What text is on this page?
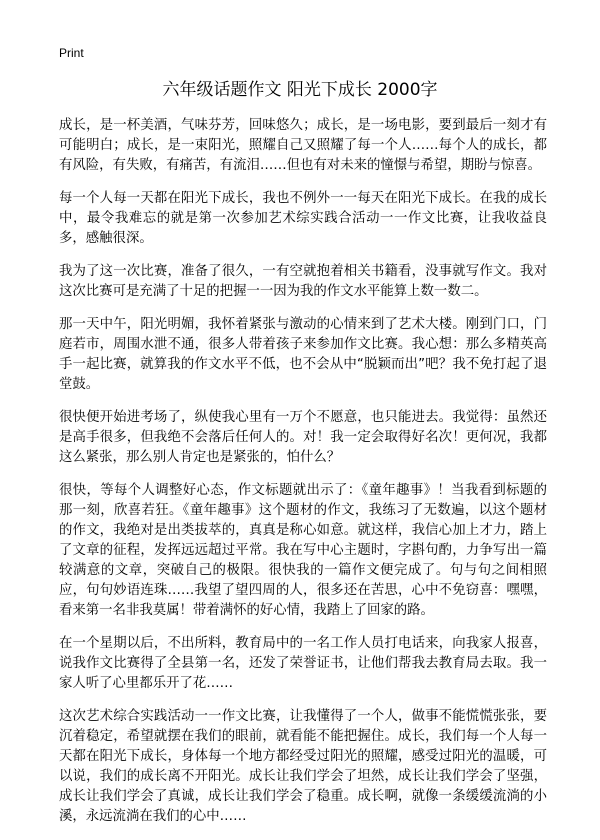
Print
六年级话题作文 阳光下成长 2000字

成长，是一杯美酒，气味芬芳，回味悠久；成长，是一场电影，要到最后一刻才有可能明白；成长，是一束阳光，照耀自己又照耀了每一个人……每个人的成长，都有风险，有失败，有痛苦，有流泪……但也有对未来的憧憬与希望，期盼与惊喜。

每一个人每一天都在阳光下成长，我也不例外一一每天在阳光下成长。在我的成长中，最令我难忘的就是第一次参加艺术综实践合活动一一作文比赛，让我收益良多，感触很深。

我为了这一次比赛，准备了很久，一有空就抱着相关书籍看，没事就写作文。我对这次比赛可是充满了十足的把握一一因为我的作文水平能算上数一数二。

那一天中午，阳光明媚，我怀着紧张与激动的心情来到了艺术大楼。刚到门口，门庭若市，周围水泄不通，很多人带着孩子来参加作文比赛。我心想：那么多精英高手一起比赛，就算我的作文水平不低，也不会从中“脱颖而出”吧？我不免打起了退堂鼓。

很快便开始进考场了，纵使我心里有一万个不愿意，也只能进去。我觉得：虽然还是高手很多，但我绝不会落后任何人的。对！我一定会取得好名次！更何况，我都这么紧张，那么别人肯定也是紧张的，怕什么？

很快，等每个人调整好心态，作文标题就出示了：《童年趣事》！当我看到标题的那一刻，欣喜若狂。《童年趣事》这个题材的作文，我练习了无数遍，以这个题材的作文，我绝对是出类拔萃的，真真是称心如意。就这样，我信心加上才力，踏上了文章的征程，发挥远远超过平常。我在写中心主题时，字斟句酌，力争写出一篇较满意的文章，突破自己的极限。很快我的一篇作文便完成了。句与句之间相照应，句句妙语连珠……我望了望四周的人，很多还在苦思，心中不免窃喜：嘿嘿，看来第一名非我莫属！带着满怀的好心情，我踏上了回家的路。

在一个星期以后，不出所料，教育局中的一名工作人员打电话来，向我家人报喜，说我作文比赛得了全县第一名，还发了荣誉证书，让他们帮我去教育局去取。我一家人听了心里都乐开了花……

这次艺术综合实践活动一一作文比赛，让我懂得了一个人，做事不能慌慌张张，要沉着稳定，希望就摆在我们的眼前，就看能不能把握住。成长，我们每一个人每一天都在阳光下成长，身体每一个地方都经受过阳光的照耀，感受过阳光的温暖，可以说，我们的成长离不开阳光。成长让我们学会了坦然，成长让我们学会了坚强，成长让我们学会了真诚，成长让我们学会了稳重。成长啊，就像一条缓缓流淌的小溪，永远流淌在我们的心中……
